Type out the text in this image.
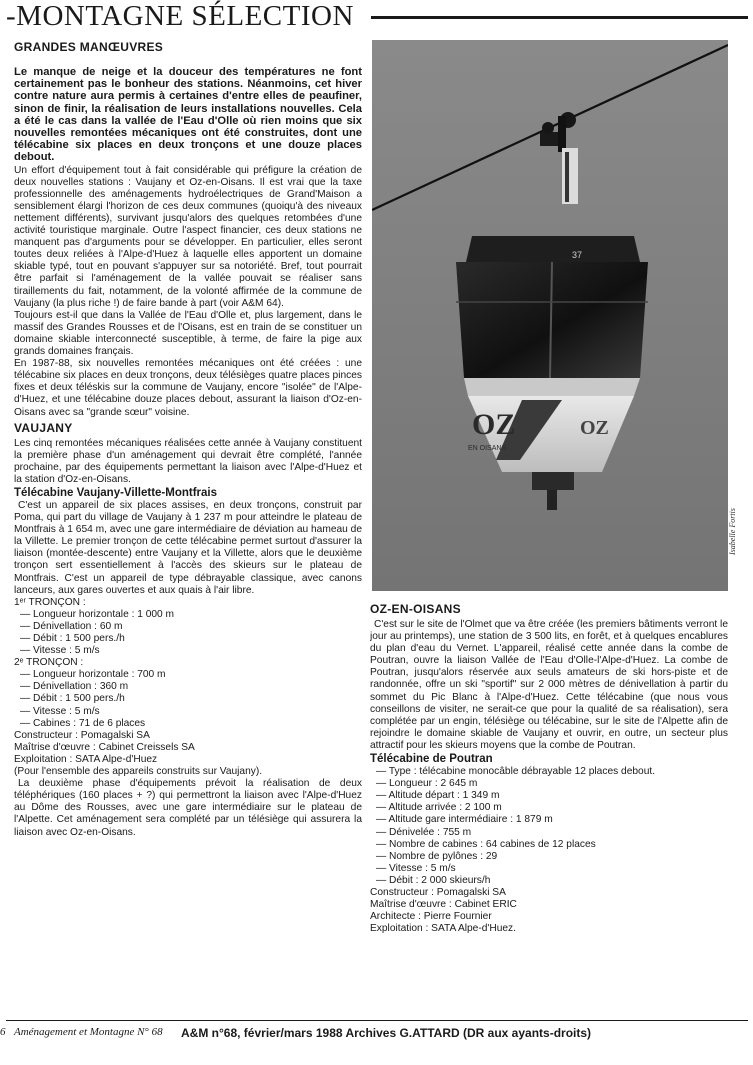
-MONTAGNE SÉLECTION
GRANDES MANŒUVRES
Le manque de neige et la douceur des températures ne font certainement pas le bonheur des stations. Néanmoins, cet hiver contre nature aura permis à certaines d'entre elles de peaufiner, sinon de finir, la réalisation de leurs installations nouvelles. Cela a été le cas dans la vallée de l'Eau d'Olle où rien moins que six nouvelles remontées mécaniques ont été construites, dont une télécabine six places en deux tronçons et une douze places debout.
Un effort d'équipement tout à fait considérable qui préfigure la création de deux nouvelles stations : Vaujany et Oz-en-Oisans. Il est vrai que la taxe professionnelle des aménagements hydroélectriques de Grand'Maison a sensiblement élargi l'horizon de ces deux communes (quoiqu'à des niveaux nettement différents), survivant jusqu'alors des quelques retombées d'une activité touristique marginale. Outre l'aspect financier, ces deux stations ne manquent pas d'arguments pour se développer. En particulier, elles seront toutes deux reliées à l'Alpe-d'Huez à laquelle elles apportent un domaine skiable typé, tout en pouvant s'appuyer sur sa notoriété. Bref, tout pourrait être parfait si l'aménagement de la vallée pouvait se réaliser sans tiraillements du fait, notamment, de la volonté affirmée de la commune de Vaujany (la plus riche !) de faire bande à part (voir A&M 64).
Toujours est-il que dans la Vallée de l'Eau d'Olle et, plus largement, dans le massif des Grandes Rousses et de l'Oisans, est en train de se constituer un domaine skiable interconnecté susceptible, à terme, de faire la pige aux grands domaines français.
En 1987-88, six nouvelles remontées mécaniques ont été créées : une télécabine six places en deux tronçons, deux télésièges quatre places pinces fixes et deux téléskis sur la commune de Vaujany, encore "isolée" de l'Alpe-d'Huez, et une télécabine douze places debout, assurant la liaison d'Oz-en-Oisans avec sa "grande sœur" voisine.
VAUJANY
Les cinq remontées mécaniques réalisées cette année à Vaujany constituent la première phase d'un aménagement qui devrait être complété, l'année prochaine, par des équipements permettant la liaison avec l'Alpe-d'Huez et la station d'Oz-en-Oisans.
Télécabine Vaujany-Villette-Montfrais
C'est un appareil de six places assises, en deux tronçons, construit par Poma, qui part du village de Vaujany à 1 237 m pour atteindre le plateau de Montfrais à 1 654 m, avec une gare intermédiaire de déviation au hameau de la Villette. Le premier tronçon de cette télécabine permet surtout d'assurer la liaison (montée-descente) entre Vaujany et la Villette, alors que le deuxième tronçon sert essentiellement à l'accès des skieurs sur le plateau de Montfrais. C'est un appareil de type débrayable classique, avec canons lanceurs, aux gares ouvertes et aux quais à l'air libre.
1ᵉʳ TRONÇON :
— Longueur horizontale : 1 000 m
— Dénivellation : 60 m
— Débit : 1 500 pers./h
— Vitesse : 5 m/s
2ᵉ TRONÇON :
— Longueur horizontale : 700 m
— Dénivellation : 360 m
— Débit : 1 500 pers./h
— Vitesse : 5 m/s
— Cabines : 71 de 6 places
Constructeur : Pomagalski SA
Maîtrise d'œuvre : Cabinet Creissels SA
Exploitation : SATA Alpe-d'Huez
(Pour l'ensemble des appareils construits sur Vaujany).
La deuxième phase d'équipements prévoit la réalisation de deux téléphériques (160 places + ?) qui permettront la liaison avec l'Alpe-d'Huez au Dôme des Rousses, avec une gare intermédiaire sur le plateau de l'Alpette. Cet aménagement sera complété par un télésiège qui assurera la liaison avec Oz-en-Oisans.
OZ
EN OISANS
OZ
37
Isabelle Fortis
OZ-EN-OISANS
C'est sur le site de l'Olmet que va être créée (les premiers bâtiments verront le jour au printemps), une station de 3 500 lits, en forêt, et à quelques encablures du plan d'eau du Vernet. L'appareil, réalisé cette année dans la combe de Poutran, ouvre la liaison Vallée de l'Eau d'Olle-l'Alpe-d'Huez. La combe de Poutran, jusqu'alors réservée aux seuls amateurs de ski hors-piste et de randonnée, offre un ski "sportif" sur 2 000 mètres de dénivellation à partir du sommet du Pic Blanc à l'Alpe-d'Huez. Cette télécabine (que nous vous conseillons de visiter, ne serait-ce que pour la qualité de sa réalisation), sera complétée par un engin, télésiège ou télécabine, sur le site de l'Alpette afin de rejoindre le domaine skiable de Vaujany et ouvrir, en outre, un secteur plus attractif pour les skieurs moyens que la combe de Poutran.
Télécabine de Poutran
— Type : télécabine monocâble débrayable 12 places debout.
— Longueur : 2 645 m
— Altitude départ : 1 349 m
— Altitude arrivée : 2 100 m
— Altitude gare intermédiaire : 1 879 m
— Dénivelée : 755 m
— Nombre de cabines : 64 cabines de 12 places
— Nombre de pylônes : 29
— Vitesse : 5 m/s
— Débit : 2 000 skieurs/h
Constructeur : Pomagalski SA
Maîtrise d'œuvre : Cabinet ERIC
Architecte : Pierre Fournier
Exploitation : SATA Alpe-d'Huez.
6 Aménagement et Montagne N° 68 A&M n°68, février/mars 1988 Archives G.ATTARD (DR aux ayants-droits)
